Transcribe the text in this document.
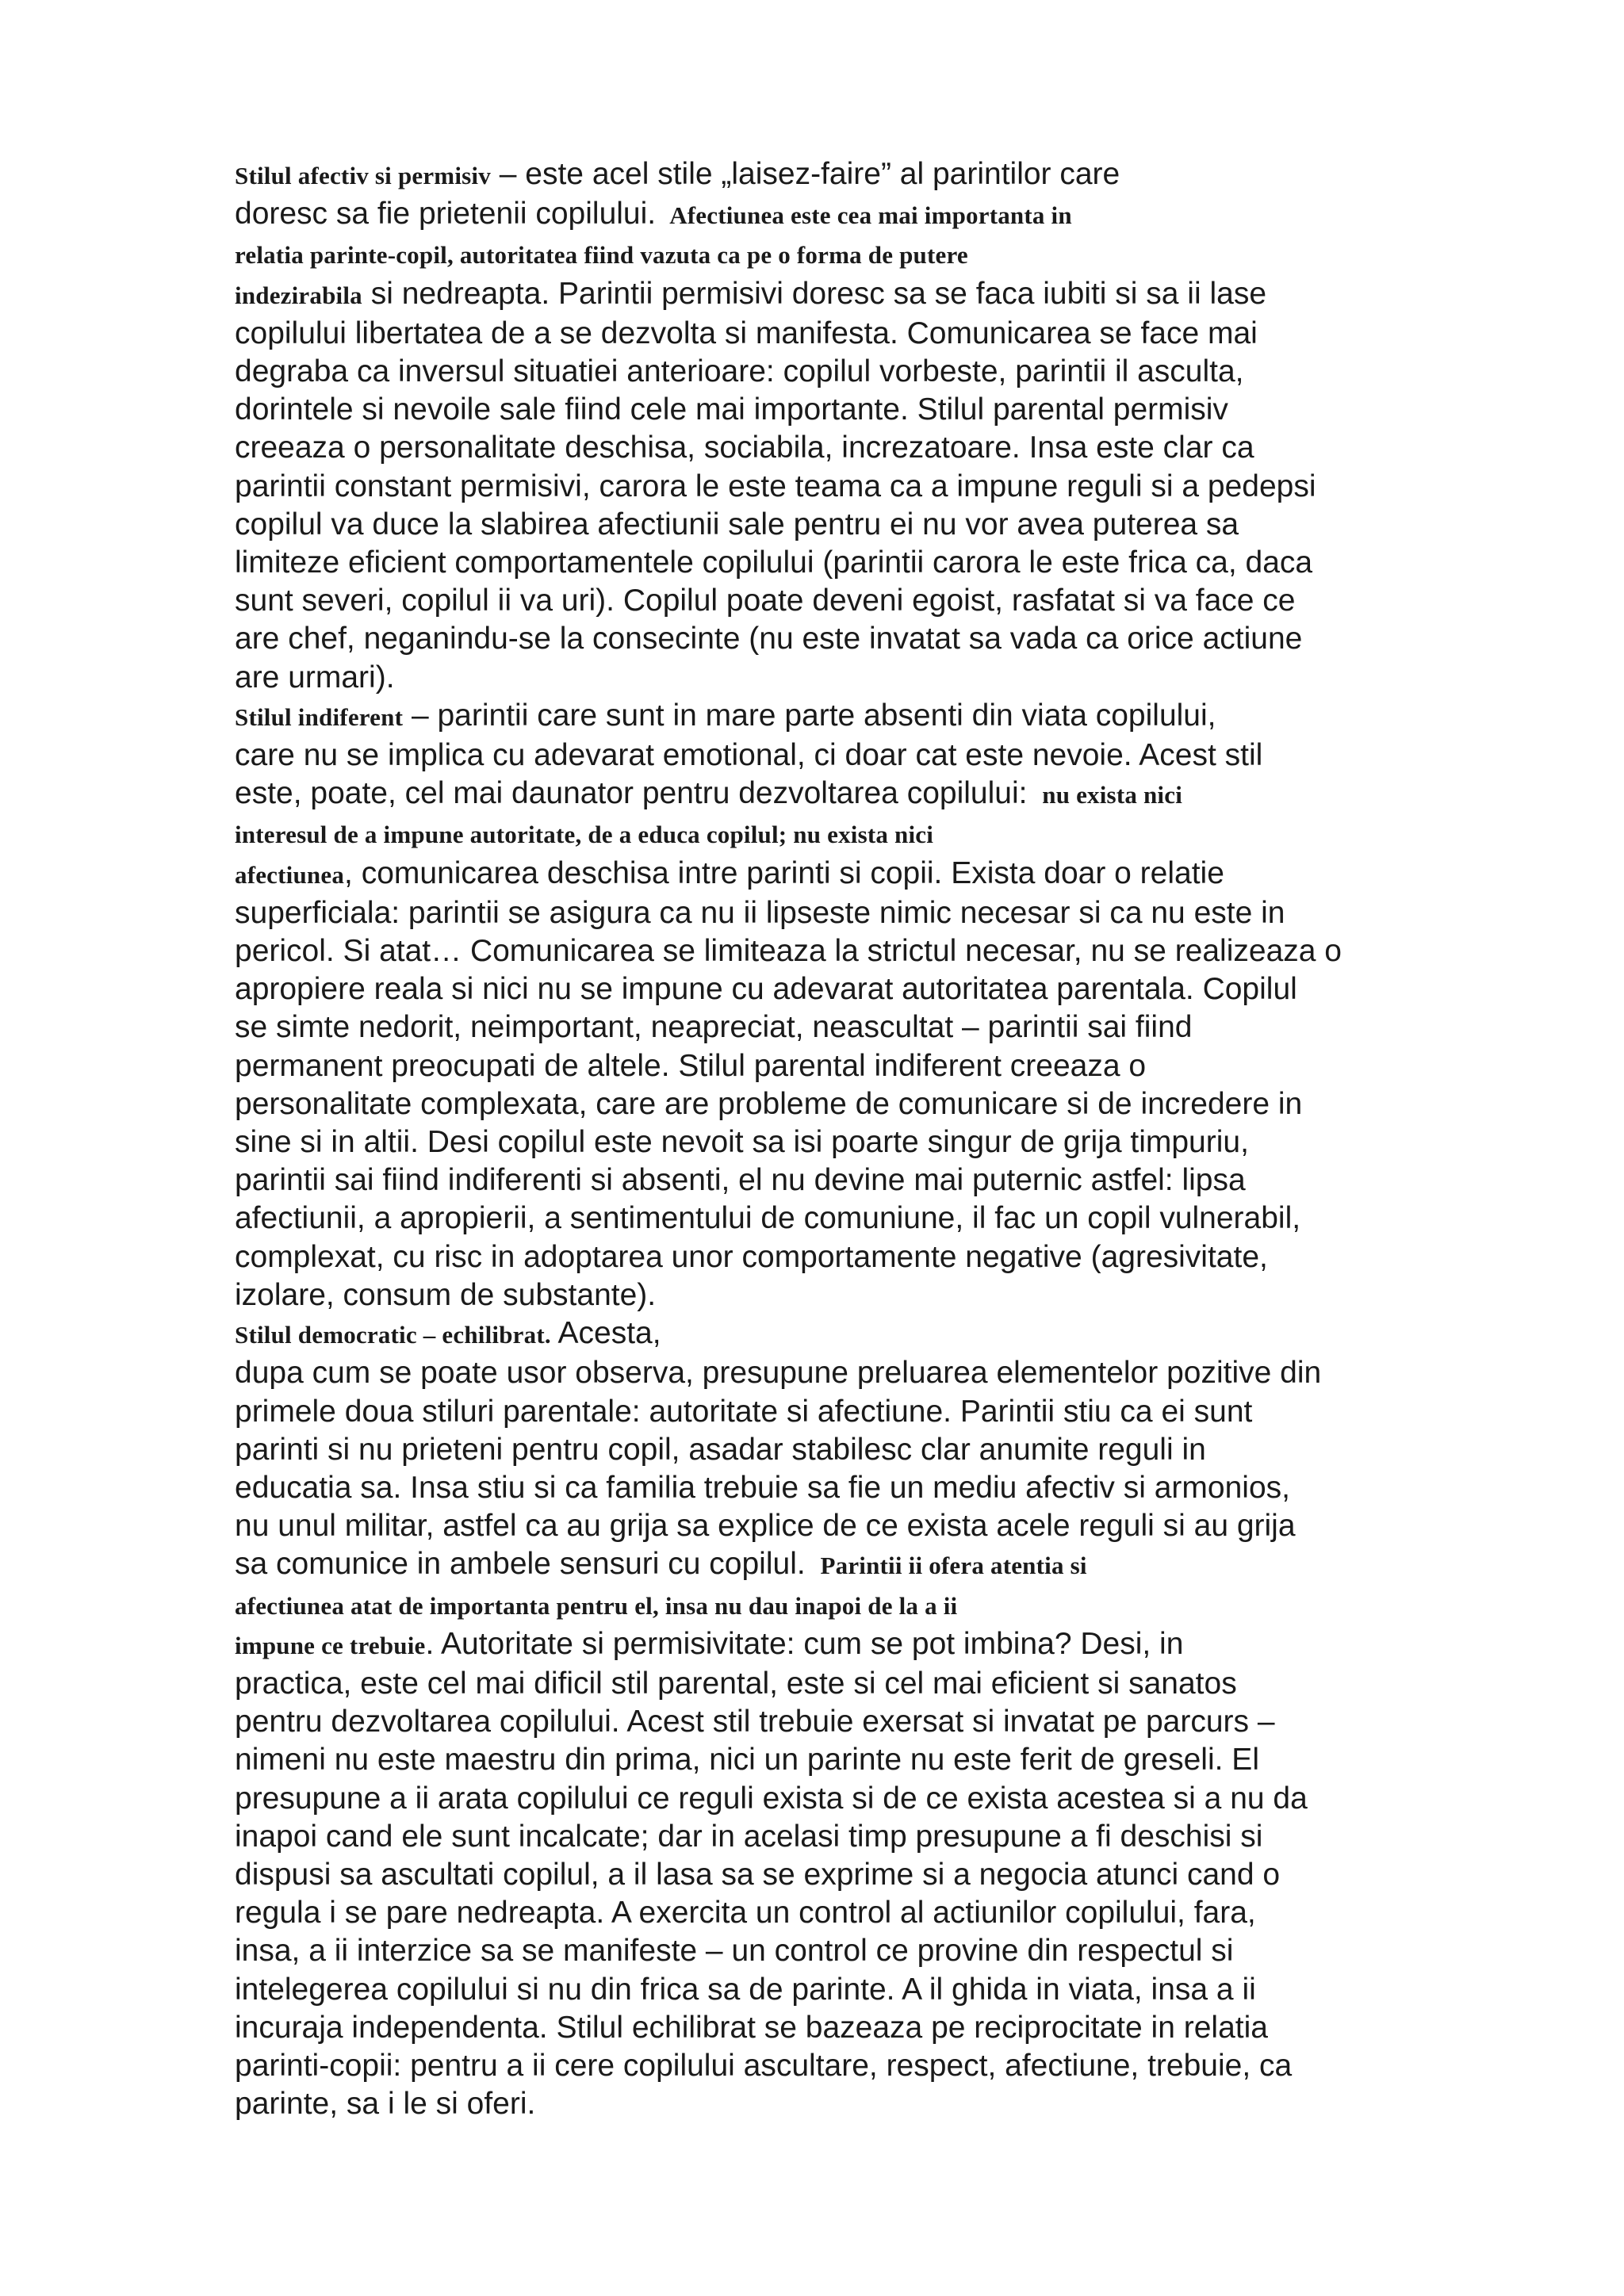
Stilul afectiv si permisiv – este acel stile „laisez-faire” al parintilor care
doresc sa fie prietenii copilului.  Afectiunea este cea mai importanta in
relatia parinte-copil, autoritatea fiind vazuta ca pe o forma de putere
indezirabila si nedreapta. Parintii permisivi doresc sa se faca iubiti si sa ii lase
copilului libertatea de a se dezvolta si manifesta. Comunicarea se face mai
degraba ca inversul situatiei anterioare: copilul vorbeste, parintii il asculta,
dorintele si nevoile sale fiind cele mai importante. Stilul parental permisiv
creeaza o personalitate deschisa, sociabila, increzatoare. Insa este clar ca
parintii constant permisivi, carora le este teama ca a impune reguli si a pedepsi
copilul va duce la slabirea afectiunii sale pentru ei nu vor avea puterea sa
limiteze eficient comportamentele copilului (parintii carora le este frica ca, daca
sunt severi, copilul ii va uri). Copilul poate deveni egoist, rasfatat si va face ce
are chef, neganindu-se la consecinte (nu este invatat sa vada ca orice actiune
are urmari).
Stilul indiferent – parintii care sunt in mare parte absenti din viata copilului,
care nu se implica cu adevarat emotional, ci doar cat este nevoie. Acest stil
este, poate, cel mai daunator pentru dezvoltarea copilului:  nu exista nici
interesul de a impune autoritate, de a educa copilul; nu exista nici
afectiunea, comunicarea deschisa intre parinti si copii. Exista doar o relatie
superficiala: parintii se asigura ca nu ii lipseste nimic necesar si ca nu este in
pericol. Si atat… Comunicarea se limiteaza la strictul necesar, nu se realizeaza o
apropiere reala si nici nu se impune cu adevarat autoritatea parentala. Copilul
se simte nedorit, neimportant, neapreciat, neascultat – parintii sai fiind
permanent preocupati de altele. Stilul parental indiferent creeaza o
personalitate complexata, care are probleme de comunicare si de incredere in
sine si in altii. Desi copilul este nevoit sa isi poarte singur de grija timpuriu,
parintii sai fiind indiferenti si absenti, el nu devine mai puternic astfel: lipsa
afectiunii, a apropierii, a sentimentului de comuniune, il fac un copil vulnerabil,
complexat, cu risc in adoptarea unor comportamente negative (agresivitate,
izolare, consum de substante).
Stilul democratic – echilibrat. Acesta,
dupa cum se poate usor observa, presupune preluarea elementelor pozitive din
primele doua stiluri parentale: autoritate si afectiune. Parintii stiu ca ei sunt
parinti si nu prieteni pentru copil, asadar stabilesc clar anumite reguli in
educatia sa. Insa stiu si ca familia trebuie sa fie un mediu afectiv si armonios,
nu unul militar, astfel ca au grija sa explice de ce exista acele reguli si au grija
sa comunice in ambele sensuri cu copilul.  Parintii ii ofera atentia si
afectiunea atat de importanta pentru el, insa nu dau inapoi de la a ii
impune ce trebuie. Autoritate si permisivitate: cum se pot imbina? Desi, in
practica, este cel mai dificil stil parental, este si cel mai eficient si sanatos
pentru dezvoltarea copilului. Acest stil trebuie exersat si invatat pe parcurs –
nimeni nu este maestru din prima, nici un parinte nu este ferit de greseli. El
presupune a ii arata copilului ce reguli exista si de ce exista acestea si a nu da
inapoi cand ele sunt incalcate; dar in acelasi timp presupune a fi deschisi si
dispusi sa ascultati copilul, a il lasa sa se exprime si a negocia atunci cand o
regula i se pare nedreapta. A exercita un control al actiunilor copilului, fara,
insa, a ii interzice sa se manifeste – un control ce provine din respectul si
intelegerea copilului si nu din frica sa de parinte. A il ghida in viata, insa a ii
incuraja independenta. Stilul echilibrat se bazeaza pe reciprocitate in relatia
parinti-copii: pentru a ii cere copilului ascultare, respect, afectiune, trebuie, ca
parinte, sa i le si oferi.
